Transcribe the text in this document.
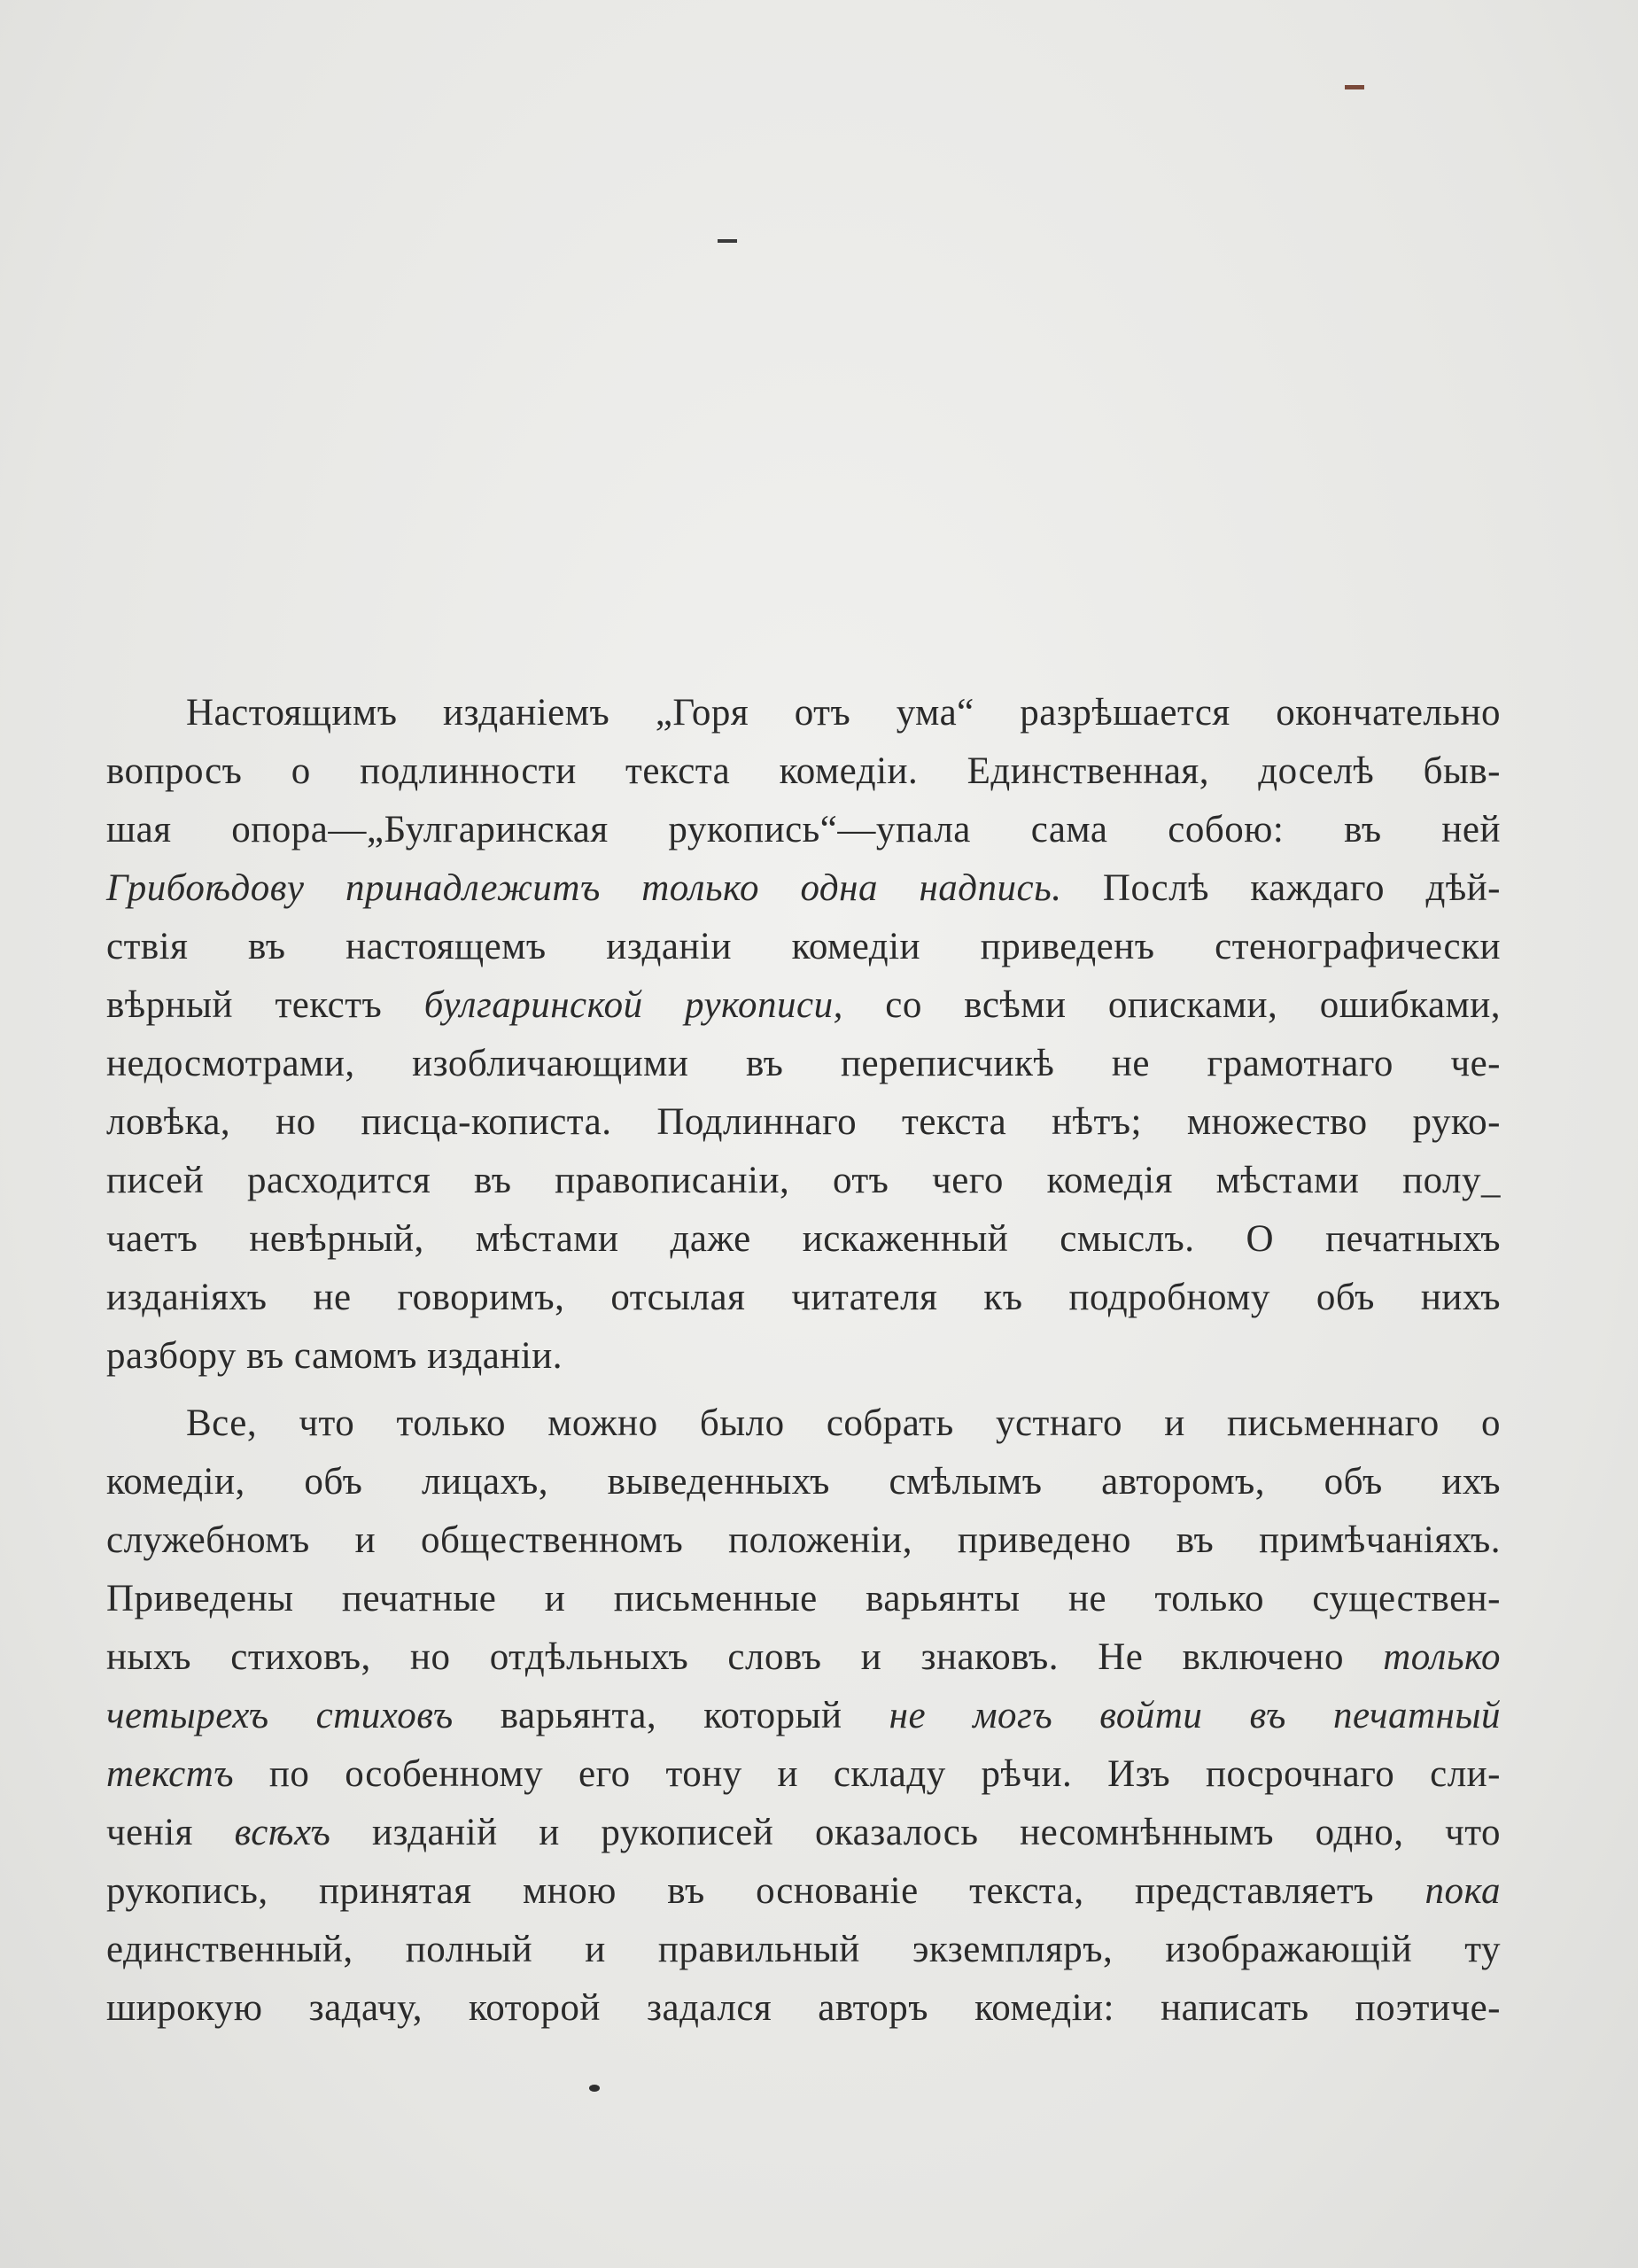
Настоящимъ изданіемъ „Горя отъ ума“ разрѣшается окончательно
вопросъ о подлинности текста комедіи. Единственная, доселѣ быв-
шая опора—„Булгаринская рукопись“—упала сама собою: въ ней
Грибоѣдову принадлежитъ только одна надпись. Послѣ каждаго дѣй-
ствія въ настоящемъ изданіи комедіи приведенъ стенографически
вѣрный текстъ булгаринской рукописи, со всѣми описками, ошибками,
недосмотрами, изобличающими въ переписчикѣ не грамотнаго че-
ловѣка, но писца-кописта. Подлиннаго текста нѣтъ; множество руко-
писей расходится въ правописаніи, отъ чего комедія мѣстами полу_
чаетъ невѣрный, мѣстами даже искаженный смыслъ. О печатныхъ
изданіяхъ не говоримъ, отсылая читателя къ подробному объ нихъ
разбору въ самомъ изданіи.
Все, что только можно было собрать устнаго и письменнаго о
комедіи, объ лицахъ, выведенныхъ смѣлымъ авторомъ, объ ихъ
служебномъ и общественномъ положеніи, приведено въ примѣчаніяхъ.
Приведены печатные и письменные варьянты не только существен-
ныхъ стиховъ, но отдѣльныхъ словъ и знаковъ. Не включено только
четырехъ стиховъ варьянта, который не могъ войти въ печатный
текстъ по особенному его тону и складу рѣчи. Изъ посрочнаго сли-
ченія всѣхъ изданій и рукописей оказалось несомнѣннымъ одно, что
рукопись, принятая мною въ основаніе текста, представляетъ пока
единственный, полный и правильный экземпляръ, изображающій ту
широкую задачу, которой задался авторъ комедіи: написать поэтиче-
